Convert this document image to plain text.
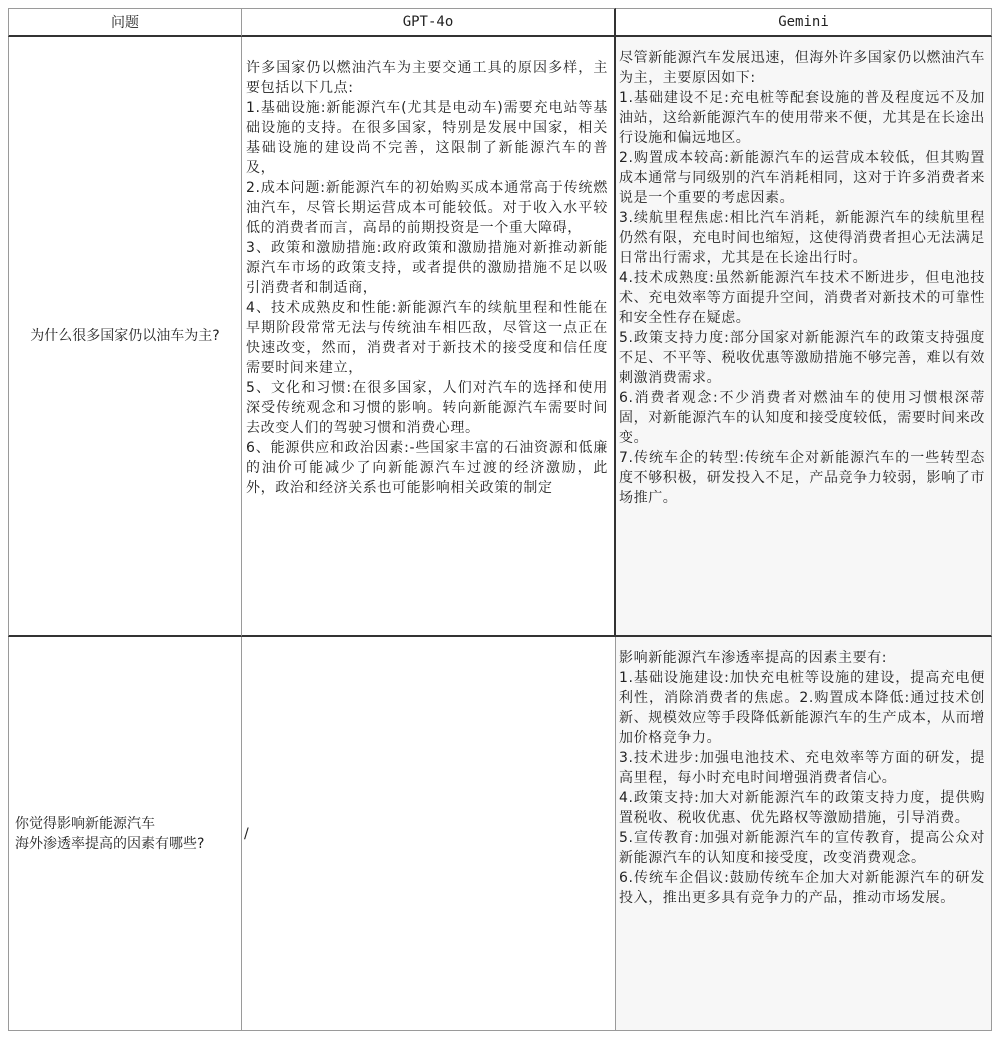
问题	GPT-4o	Gemini
为什么很多国家仍以油车为主?

许多国家仍以燃油汽车为主要交通工具的原因多样，主要包括以下几点:

1.基础设施:新能源汽车(尤其是电动车)需要充电站等基础设施的支持。在很多国家，特别是发展中国家，相关基础设施的建设尚不完善，这限制了新能源汽车的普及，

2.成本问题:新能源汽车的初始购买成本通常高于传统燃油汽车，尽管长期运营成本可能较低。对于收入水平较低的消费者而言，高昂的前期投资是一个重大障碍，

3、政策和激励措施:政府政策和激励措施对新推动新能源汽车市场的政策支持，或者提供的激励措施不足以吸引消费者和制适商，

4、技术成熟皮和性能:新能源汽车的续航里程和性能在早期阶段常常无法与传统油车相匹敌，尽管这一点正在快速改变，然而，消费者对于新技术的接受度和信任度需要时间来建立，

5、文化和习惯:在很多国家，人们对汽车的选择和使用深受传统观念和习惯的影响。转向新能源汽车需要时间去改变人们的驾驶习惯和消费心理。

6、能源供应和政治因素:-些国家丰富的石油资源和低廉的油价可能减少了向新能源汽车过渡的经济激励，此外，政治和经济关系也可能影响相关政策的制定

尽管新能源汽车发展迅速，但海外许多国家仍以燃油汽车为主，主要原因如下:

1.基础建设不足:充电桩等配套设施的普及程度远不及加油站，这给新能源汽车的使用带来不便，尤其是在长途出行设施和偏远地区。

2.购置成本较高:新能源汽车的运营成本较低，但其购置成本通常与同级别的汽车消耗相同，这对于许多消费者来说是一个重要的考虑因素。

3.续航里程焦虑:相比汽车消耗，新能源汽车的续航里程仍然有限，充电时间也缩短，这使得消费者担心无法满足日常出行需求，尤其是在长途出行时。

4.技术成熟度:虽然新能源汽车技术不断进步，但电池技术、充电效率等方面提升空间，消费者对新技术的可靠性和安全性存在疑虑。

5.政策支持力度:部分国家对新能源汽车的政策支持强度不足、不平等、税收优惠等激励措施不够完善，难以有效刺激消费需求。

6.消费者观念:不少消费者对燃油车的使用习惯根深蒂固，对新能源汽车的认知度和接受度较低，需要时间来改变。

7.传统车企的转型:传统车企对新能源汽车的一些转型态度不够积极，研发投入不足，产品竞争力较弱，影响了市场推广。

你觉得影响新能源汽车
海外渗透率提高的因素有哪些?
/

影响新能源汽车渗透率提高的因素主要有:

1.基础设施建设:加快充电桩等设施的建设，提高充电便利性，消除消费者的焦虑。2.购置成本降低:通过技术创新、规模效应等手段降低新能源汽车的生产成本，从而增加价格竞争力。

3.技术进步:加强电池技术、充电效率等方面的研发，提高里程，每小时充电时间增强消费者信心。

4.政策支持:加大对新能源汽车的政策支持力度，提供购置税收、税收优惠、优先路权等激励措施，引导消费。

5.宣传教育:加强对新能源汽车的宣传教育，提高公众对新能源汽车的认知度和接受度，改变消费观念。

6.传统车企倡议:鼓励传统车企加大对新能源汽车的研发投入，推出更多具有竞争力的产品，推动市场发展。
